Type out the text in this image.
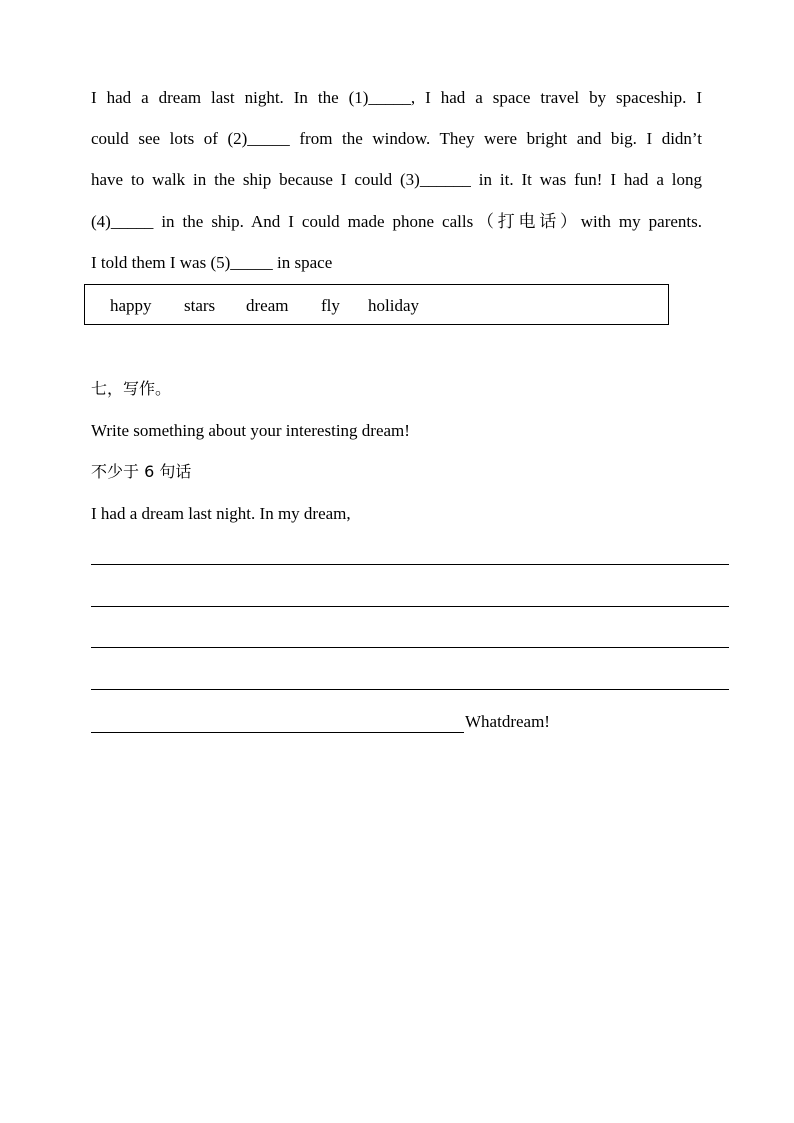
I had a dream last night. In the (1)_____, I had a space travel by spaceship. I
could see lots of (2)_____ from the window. They were bright and big. I didn’t
have to walk in the ship because I could (3)______ in it. It was fun! I had a long
(4)_____ in the ship. And I could made phone calls（打电话）with my parents.
I told them I was (5)_____ in space
happy stars dream fly holiday
七，写作。
Write something about your interesting dream!
不少于 6 句话
I had a dream last night. In my dream,
Whatdream!
